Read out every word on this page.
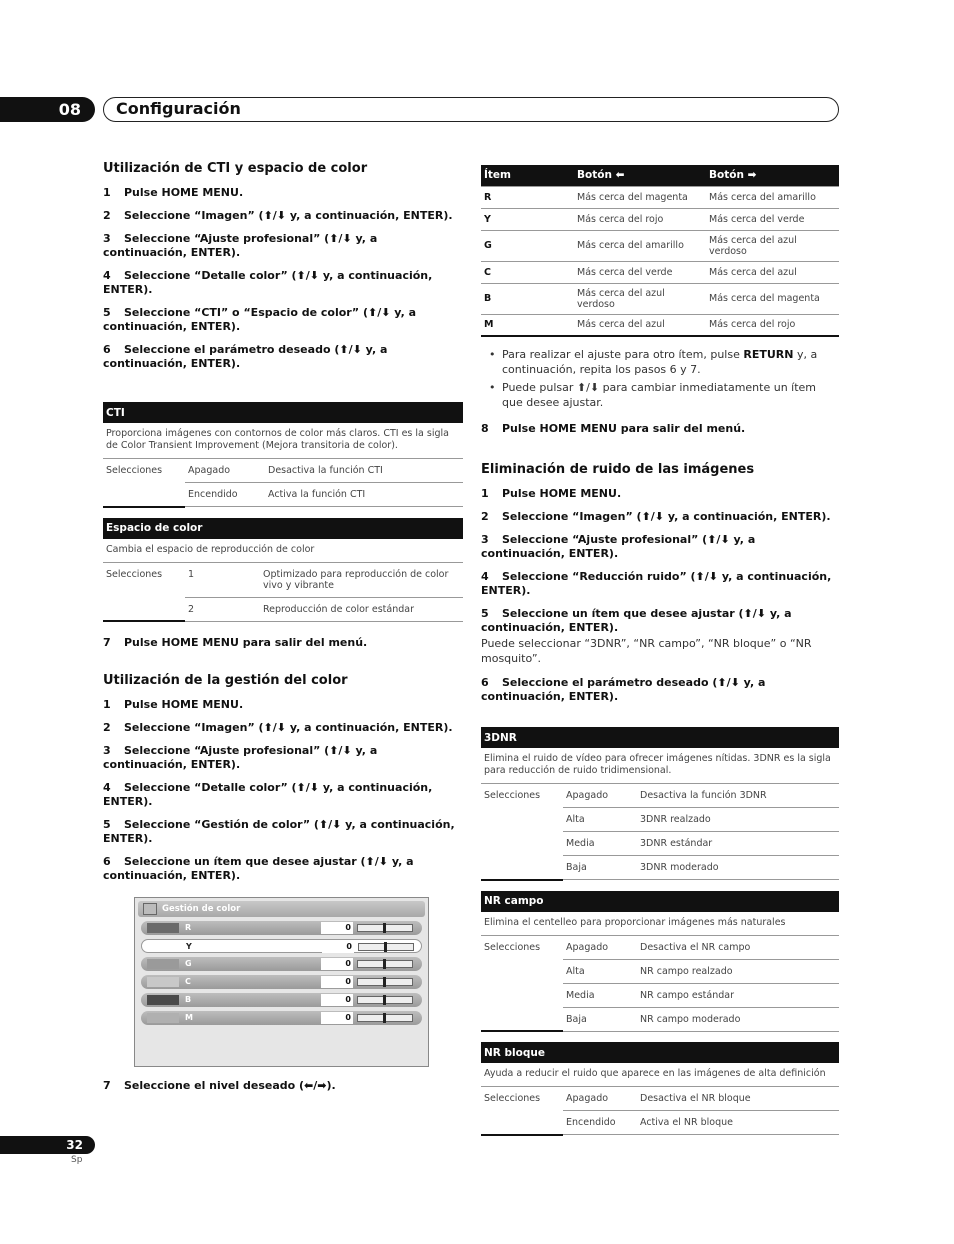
08	Configuración
Utilización de CTI y espacio de color
1 Pulse HOME MENU.
2 Seleccione “Imagen” (⬆/⬇ y, a continuación, ENTER).
3 Seleccione “Ajuste profesional” (⬆/⬇ y, a continuación, ENTER).
4 Seleccione “Detalle color” (⬆/⬇ y, a continuación, ENTER).
5 Seleccione “CTI” o “Espacio de color” (⬆/⬇ y, a continuación, ENTER).
6 Seleccione el parámetro deseado (⬆/⬇ y, a continuación, ENTER).
CTI		
Proporciona imágenes con contornos de color más claros. CTI es la sigla de Color Transient Improvement (Mejora transitoria de color).		
Selecciones	Apagado	Desactiva la función CTI
	Encendido	Activa la función CTI
Espacio de color		
Cambia el espacio de reproducción de color		
Selecciones	1	Optimizado para reproducción de color vivo y vibrante
	2	Reproducción de color estándar
7 Pulse HOME MENU para salir del menú.
Utilización de la gestión del color
1 Pulse HOME MENU.
2 Seleccione “Imagen” (⬆/⬇ y, a continuación, ENTER).
3 Seleccione “Ajuste profesional” (⬆/⬇ y, a continuación, ENTER).
4 Seleccione “Detalle color” (⬆/⬇ y, a continuación, ENTER).
5 Seleccione “Gestión de color” (⬆/⬇ y, a continuación, ENTER).
6 Seleccione un ítem que desee ajustar (⬆/⬇ y, a continuación, ENTER).
Gestión de color
R	0
Y	0
G	0
C	0
B	0
M	0
7 Seleccione el nivel deseado (⬅/➡).
Ítem	Botón ⬅	Botón ➡
R	Más cerca del magenta	Más cerca del amarillo
Y	Más cerca del rojo	Más cerca del verde
G	Más cerca del amarillo	Más cerca del azul verdoso
C	Más cerca del verde	Más cerca del azul
B	Más cerca del azul verdoso	Más cerca del magenta
M	Más cerca del azul	Más cerca del rojo
• Para realizar el ajuste para otro ítem, pulse RETURN y, a continuación, repita los pasos 6 y 7.
• Puede pulsar ⬆/⬇ para cambiar inmediatamente un ítem que desee ajustar.
8 Pulse HOME MENU para salir del menú.
Eliminación de ruido de las imágenes
1 Pulse HOME MENU.
2 Seleccione “Imagen” (⬆/⬇ y, a continuación, ENTER).
3 Seleccione “Ajuste profesional” (⬆/⬇ y, a continuación, ENTER).
4 Seleccione “Reducción ruido” (⬆/⬇ y, a continuación, ENTER).
5 Seleccione un ítem que desee ajustar (⬆/⬇ y, a continuación, ENTER).
Puede seleccionar “3DNR”, “NR campo”, “NR bloque” o “NR mosquito”.
6 Seleccione el parámetro deseado (⬆/⬇ y, a continuación, ENTER).
3DNR		
Elimina el ruido de vídeo para ofrecer imágenes nítidas. 3DNR es la sigla para reducción de ruido tridimensional.		
Selecciones	Apagado	Desactiva la función 3DNR
	Alta	3DNR realzado
	Media	3DNR estándar
	Baja	3DNR moderado
NR campo		
Elimina el centelleo para proporcionar imágenes más naturales		
Selecciones	Apagado	Desactiva el NR campo
	Alta	NR campo realzado
	Media	NR campo estándar
	Baja	NR campo moderado
NR bloque		
Ayuda a reducir el ruido que aparece en las imágenes de alta definición		
Selecciones	Apagado	Desactiva el NR bloque
	Encendido	Activa el NR bloque
32
Sp
